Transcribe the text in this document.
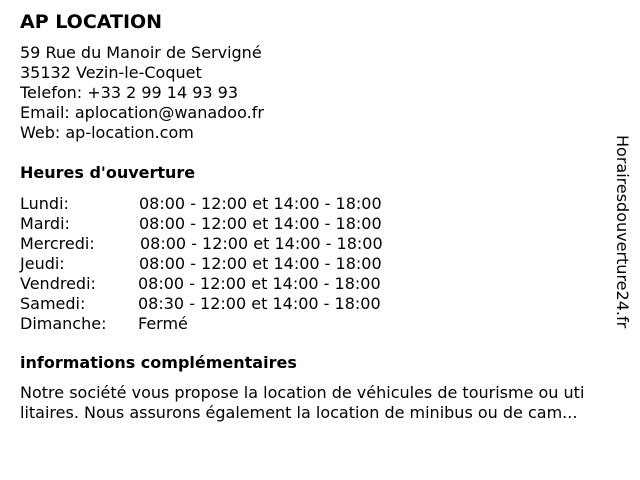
AP LOCATION
59 Rue du Manoir de Servigné
35132 Vezin-le-Coquet
Telefon: +33 2 99 14 93 93
Email: aplocation@wanadoo.fr
Web: ap-location.com
Heures d'ouverture
Lundi:	08:00 - 12:00 et 14:00 - 18:00
Mardi:	08:00 - 12:00 et 14:00 - 18:00
Mercredi:	08:00 - 12:00 et 14:00 - 18:00
Jeudi:	08:00 - 12:00 et 14:00 - 18:00
Vendredi:	08:00 - 12:00 et 14:00 - 18:00
Samedi:	08:30 - 12:00 et 14:00 - 18:00
Dimanche:	Fermé
informations complémentaires
Notre société vous propose la location de véhicules de tourisme ou uti
litaires. Nous assurons également la location de minibus ou de cam...
Horairesdouverture24.fr
